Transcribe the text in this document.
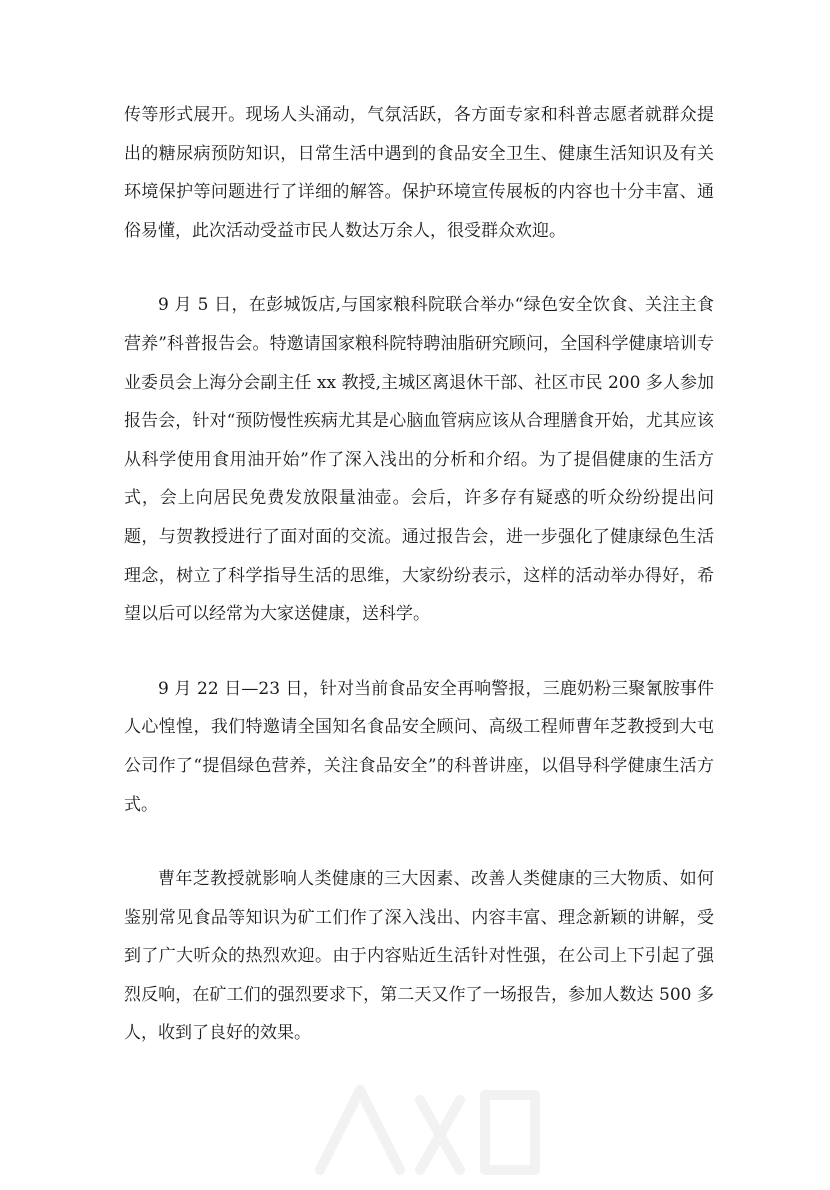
传等形式展开。现场人头涌动，气氛活跃，各方面专家和科普志愿者就群众提出的糖尿病预防知识，日常生活中遇到的食品安全卫生、健康生活知识及有关环境保护等问题进行了详细的解答。保护环境宣传展板的内容也十分丰富、通俗易懂，此次活动受益市民人数达万余人，很受群众欢迎。

9 月 5 日，在彭城饭店,与国家粮科院联合举办“绿色安全饮食、关注主食营养”科普报告会。特邀请国家粮科院特聘油脂研究顾问，全国科学健康培训专业委员会上海分会副主任 xx 教授,主城区离退休干部、社区市民 200 多人参加报告会，针对“预防慢性疾病尤其是心脑血管病应该从合理膳食开始，尤其应该从科学使用食用油开始”作了深入浅出的分析和介绍。为了提倡健康的生活方式，会上向居民免费发放限量油壶。会后，许多存有疑惑的听众纷纷提出问题，与贺教授进行了面对面的交流。通过报告会，进一步强化了健康绿色生活理念，树立了科学指导生活的思维，大家纷纷表示，这样的活动举办得好，希望以后可以经常为大家送健康，送科学。

9 月 22 日—23 日，针对当前食品安全再响警报，三鹿奶粉三聚氰胺事件人心惶惶，我们特邀请全国知名食品安全顾问、高级工程师曹年芝教授到大屯公司作了“提倡绿色营养，关注食品安全”的科普讲座，以倡导科学健康生活方式。

曹年芝教授就影响人类健康的三大因素、改善人类健康的三大物质、如何鉴别常见食品等知识为矿工们作了深入浅出、内容丰富、理念新颖的讲解，受到了广大听众的热烈欢迎。由于内容贴近生活针对性强，在公司上下引起了强烈反响，在矿工们的强烈要求下，第二天又作了一场报告，参加人数达 500 多人，收到了良好的效果。
